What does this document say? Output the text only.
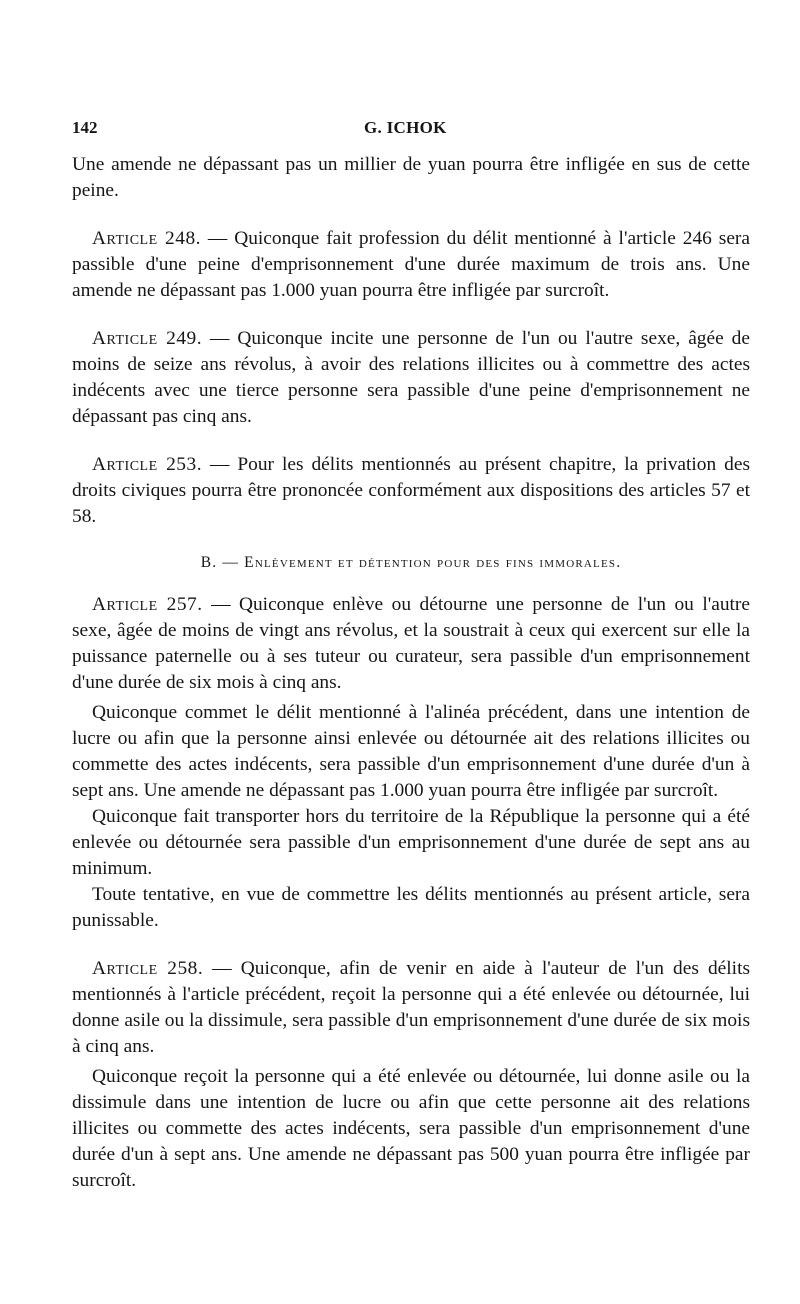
142	G. ICHOK

Une amende ne dépassant pas un millier de yuan pourra être infligée en sus de cette peine.

Article 248. — Quiconque fait profession du délit mentionné à l'article 246 sera passible d'une peine d'emprisonnement d'une durée maximum de trois ans. Une amende ne dépassant pas 1.000 yuan pourra être infligée par surcroît.

Article 249. — Quiconque incite une personne de l'un ou l'autre sexe, âgée de moins de seize ans révolus, à avoir des relations illicites ou à commettre des actes indécents avec une tierce personne sera passible d'une peine d'emprisonnement ne dépassant pas cinq ans.

Article 253. — Pour les délits mentionnés au présent chapitre, la privation des droits civiques pourra être prononcée conformément aux dispositions des articles 57 et 58.

B. — Enlèvement et détention pour des fins immorales.

Article 257. — Quiconque enlève ou détourne une personne de l'un ou l'autre sexe, âgée de moins de vingt ans révolus, et la soustrait à ceux qui exercent sur elle la puissance paternelle ou à ses tuteur ou curateur, sera passible d'un emprisonnement d'une durée de six mois à cinq ans.

Quiconque commet le délit mentionné à l'alinéa précédent, dans une intention de lucre ou afin que la personne ainsi enlevée ou détournée ait des relations illicites ou commette des actes indécents, sera passible d'un emprisonnement d'une durée d'un à sept ans. Une amende ne dépassant pas 1.000 yuan pourra être infligée par surcroît.

Quiconque fait transporter hors du territoire de la République la personne qui a été enlevée ou détournée sera passible d'un emprisonnement d'une durée de sept ans au minimum.

Toute tentative, en vue de commettre les délits mentionnés au présent article, sera punissable.

Article 258. — Quiconque, afin de venir en aide à l'auteur de l'un des délits mentionnés à l'article précédent, reçoit la personne qui a été enlevée ou détournée, lui donne asile ou la dissimule, sera passible d'un emprisonnement d'une durée de six mois à cinq ans.

Quiconque reçoit la personne qui a été enlevée ou détournée, lui donne asile ou la dissimule dans une intention de lucre ou afin que cette personne ait des relations illicites ou commette des actes indécents, sera passible d'un emprisonnement d'une durée d'un à sept ans. Une amende ne dépassant pas 500 yuan pourra être infligée par surcroît.
